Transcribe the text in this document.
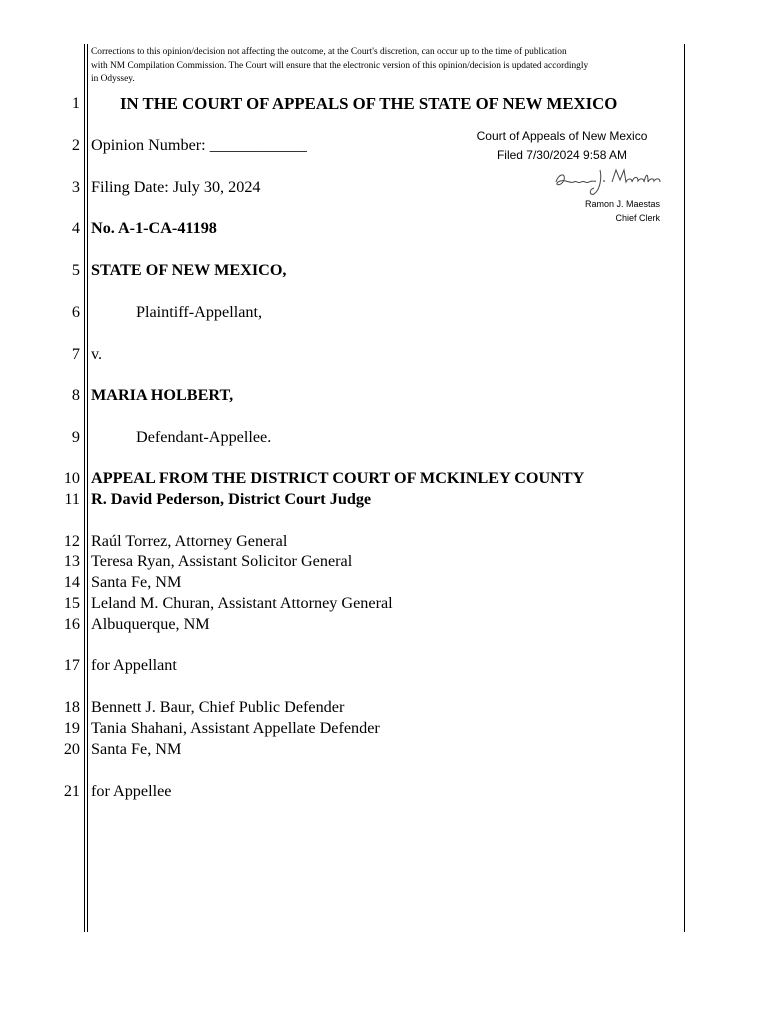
Corrections to this opinion/decision not affecting the outcome, at the Court's discretion, can occur up to the time of publication
with NM Compilation Commission. The Court will ensure that the electronic version of this opinion/decision is updated accordingly
in Odyssey.
Court of Appeals of New Mexico
Filed 7/30/2024 9:58 AM
Ramon J. Maestas
Chief Clerk
1
2
3
4
5
6
7
8
9
10
11
12
13
14
15
16
17
18
19
20
21
IN THE COURT OF APPEALS OF THE STATE OF NEW MEXICO
Opinion Number: ____________
Filing Date: July 30, 2024
No. A-1-CA-41198
STATE OF NEW MEXICO,
Plaintiff-Appellant,
v.
MARIA HOLBERT,
Defendant-Appellee.
APPEAL FROM THE DISTRICT COURT OF MCKINLEY COUNTY
R. David Pederson, District Court Judge
Raúl Torrez, Attorney General
Teresa Ryan, Assistant Solicitor General
Santa Fe, NM
Leland M. Churan, Assistant Attorney General
Albuquerque, NM
for Appellant
Bennett J. Baur, Chief Public Defender
Tania Shahani, Assistant Appellate Defender
Santa Fe, NM
for Appellee
